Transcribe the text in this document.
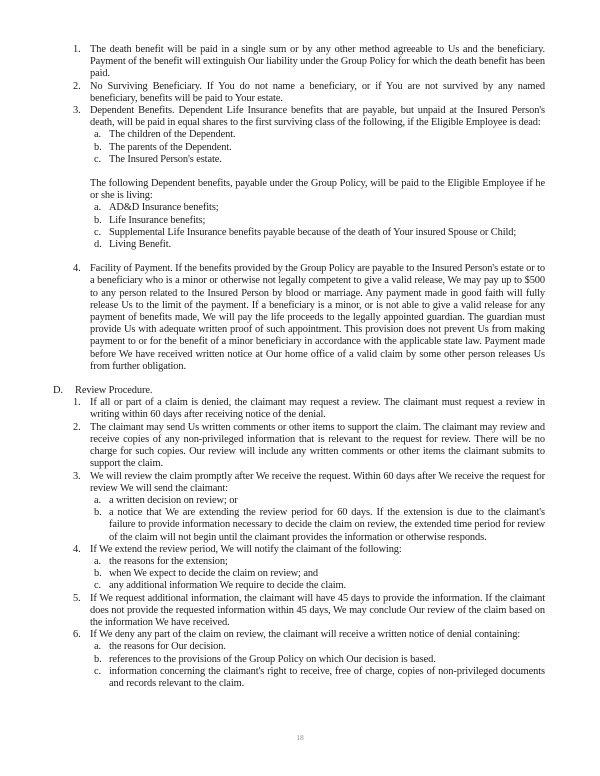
1. The death benefit will be paid in a single sum or by any other method agreeable to Us and the beneficiary. Payment of the benefit will extinguish Our liability under the Group Policy for which the death benefit has been paid.
2. No Surviving Beneficiary. If You do not name a beneficiary, or if You are not survived by any named beneficiary, benefits will be paid to Your estate.
3. Dependent Benefits. Dependent Life Insurance benefits that are payable, but unpaid at the Insured Person's death, will be paid in equal shares to the first surviving class of the following, if the Eligible Employee is dead:
a. The children of the Dependent.
b. The parents of the Dependent.
c. The Insured Person's estate.
The following Dependent benefits, payable under the Group Policy, will be paid to the Eligible Employee if he or she is living:
a. AD&D Insurance benefits;
b. Life Insurance benefits;
c. Supplemental Life Insurance benefits payable because of the death of Your insured Spouse or Child;
d. Living Benefit.
4. Facility of Payment. If the benefits provided by the Group Policy are payable to the Insured Person's estate or to a beneficiary who is a minor or otherwise not legally competent to give a valid release, We may pay up to $500 to any person related to the Insured Person by blood or marriage. Any payment made in good faith will fully release Us to the limit of the payment. If a beneficiary is a minor, or is not able to give a valid release for any payment of benefits made, We will pay the life proceeds to the legally appointed guardian. The guardian must provide Us with adequate written proof of such appointment. This provision does not prevent Us from making payment to or for the benefit of a minor beneficiary in accordance with the applicable state law. Payment made before We have received written notice at Our home office of a valid claim by some other person releases Us from further obligation.
D. Review Procedure.
1. If all or part of a claim is denied, the claimant may request a review. The claimant must request a review in writing within 60 days after receiving notice of the denial.
2. The claimant may send Us written comments or other items to support the claim. The claimant may review and receive copies of any non-privileged information that is relevant to the request for review. There will be no charge for such copies. Our review will include any written comments or other items the claimant submits to support the claim.
3. We will review the claim promptly after We receive the request. Within 60 days after We receive the request for review We will send the claimant:
a. a written decision on review; or
b. a notice that We are extending the review period for 60 days. If the extension is due to the claimant's failure to provide information necessary to decide the claim on review, the extended time period for review of the claim will not begin until the claimant provides the information or otherwise responds.
4. If We extend the review period, We will notify the claimant of the following:
a. the reasons for the extension;
b. when We expect to decide the claim on review; and
c. any additional information We require to decide the claim.
5. If We request additional information, the claimant will have 45 days to provide the information. If the claimant does not provide the requested information within 45 days, We may conclude Our review of the claim based on the information We have received.
6. If We deny any part of the claim on review, the claimant will receive a written notice of denial containing:
a. the reasons for Our decision.
b. references to the provisions of the Group Policy on which Our decision is based.
c. information concerning the claimant's right to receive, free of charge, copies of non-privileged documents and records relevant to the claim.
18
